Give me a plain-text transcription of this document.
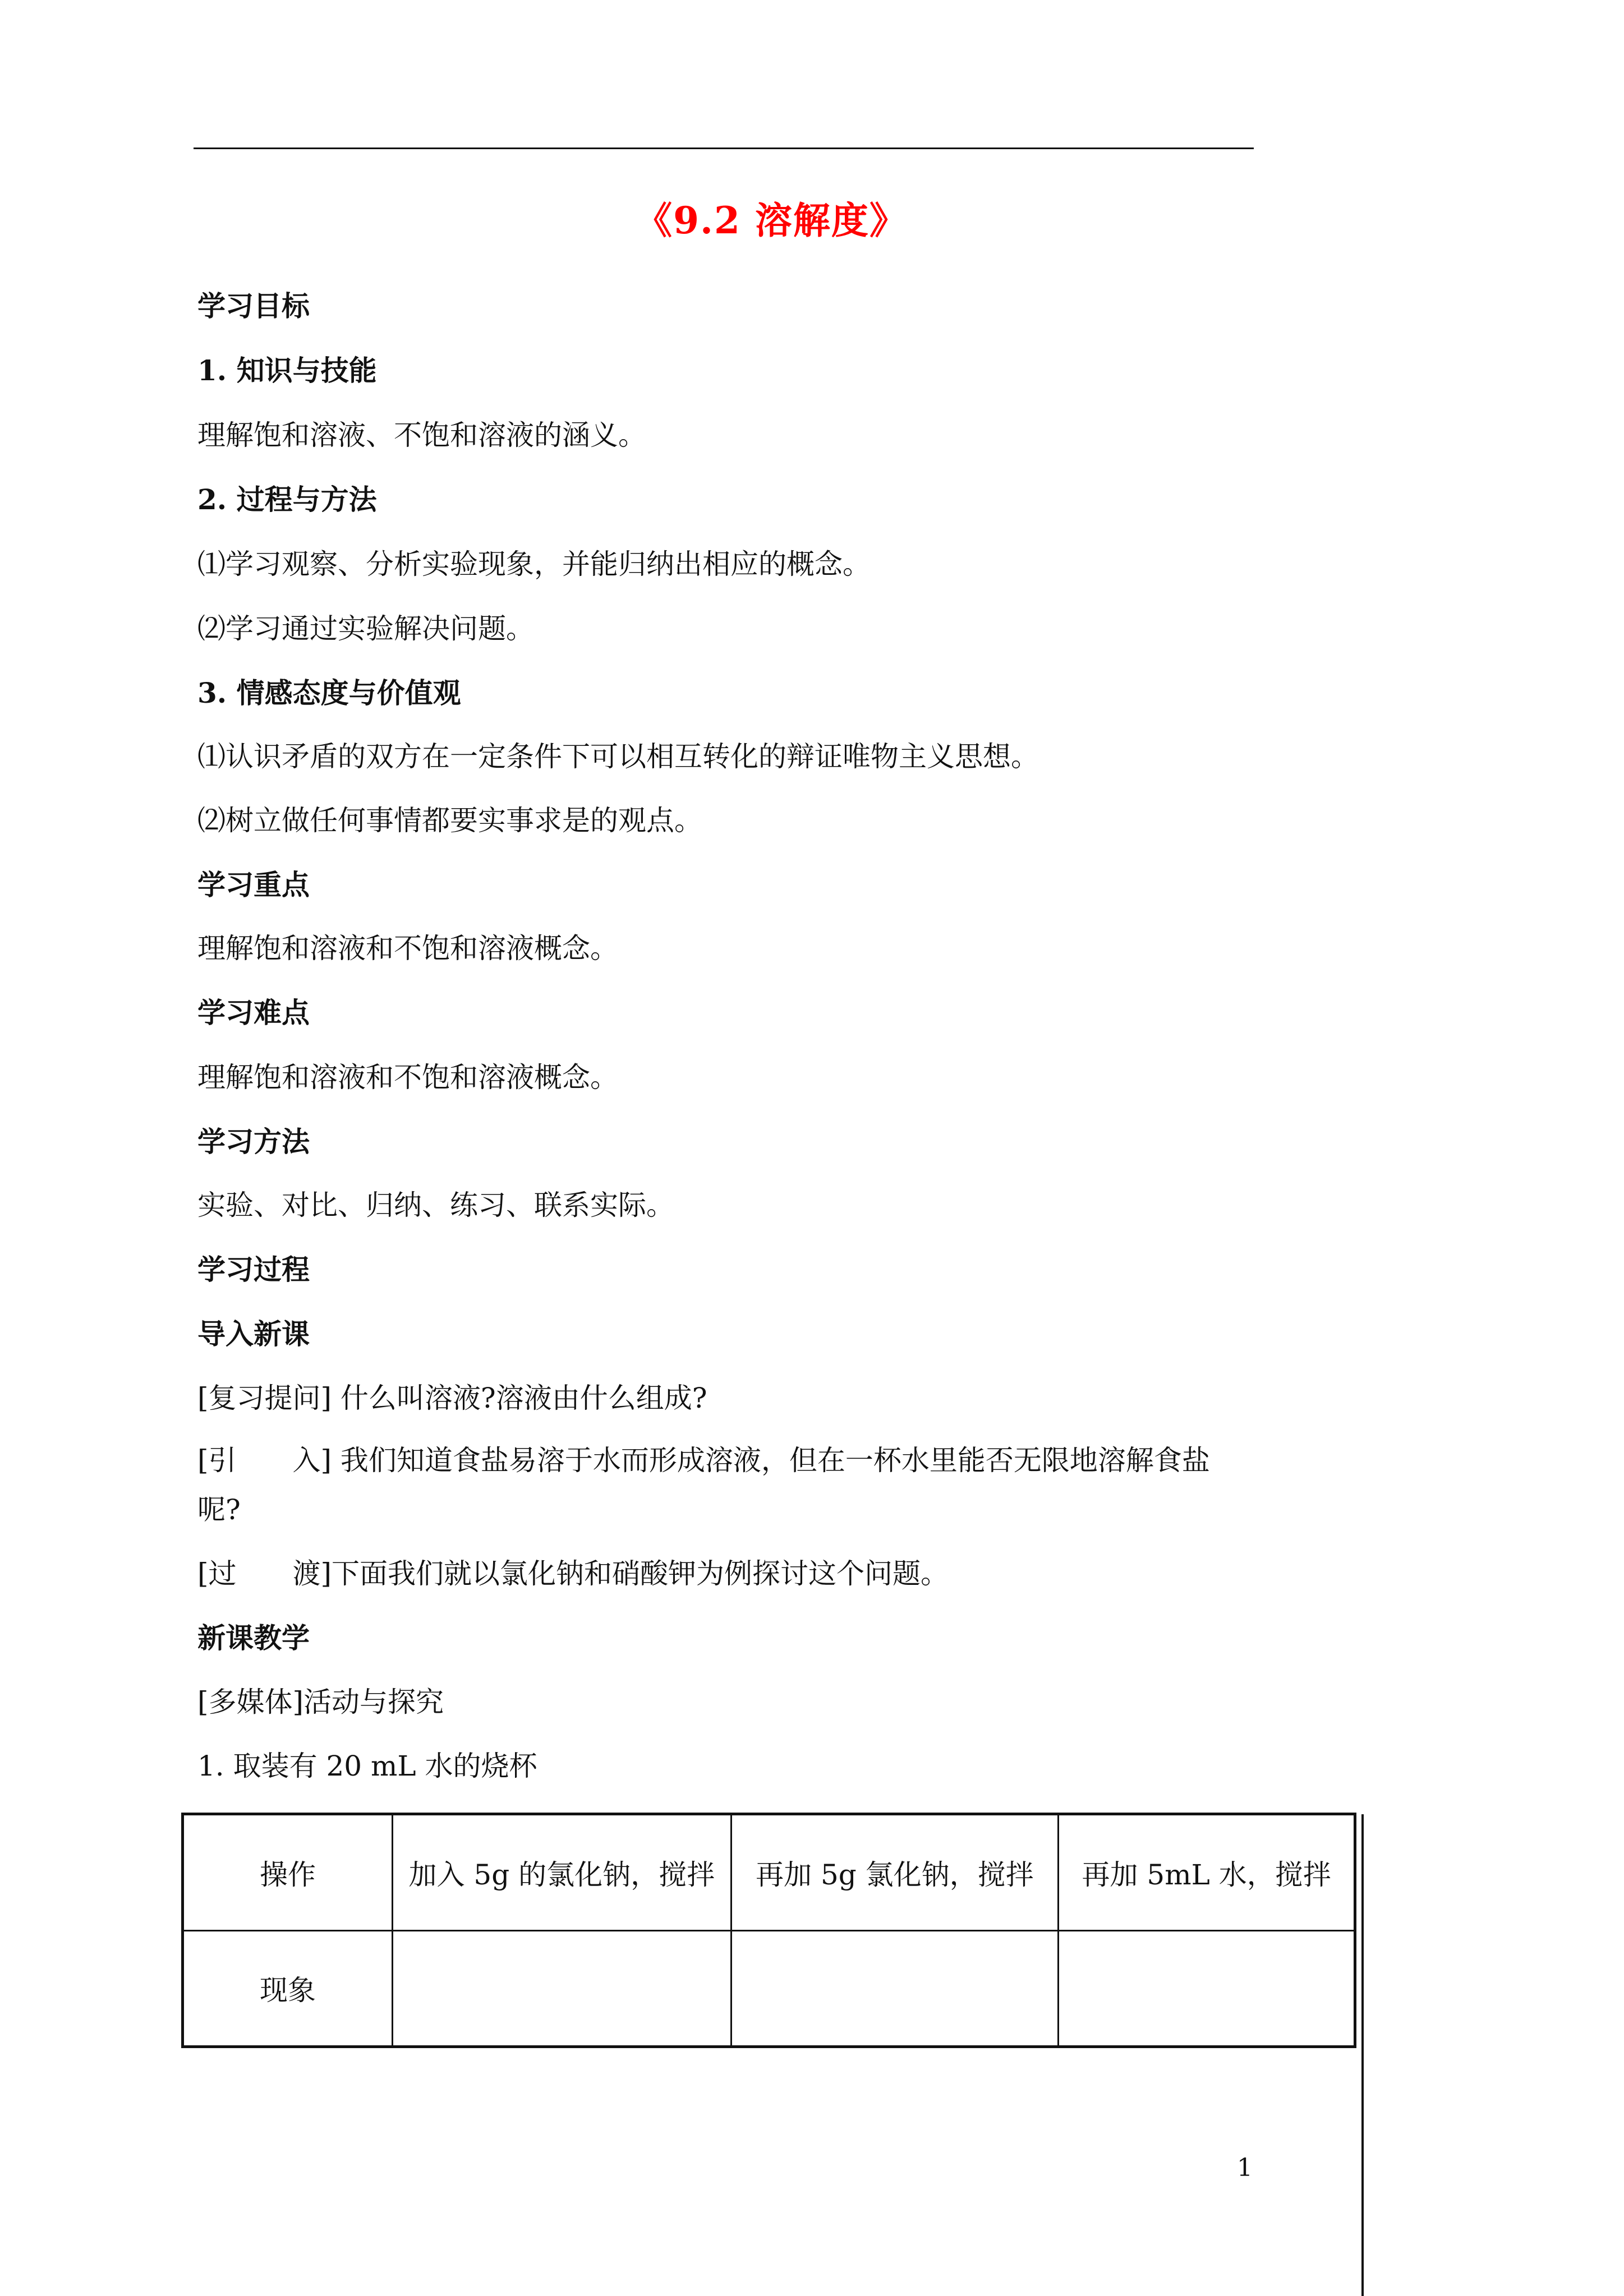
《9.2 溶解度》
学习目标
1. 知识与技能
理解饱和溶液、不饱和溶液的涵义。
2. 过程与方法
⑴学习观察、分析实验现象，并能归纳出相应的概念。
⑵学习通过实验解决问题。
3. 情感态度与价值观
⑴认识矛盾的双方在一定条件下可以相互转化的辩证唯物主义思想。
⑵树立做任何事情都要实事求是的观点。
学习重点
理解饱和溶液和不饱和溶液概念。
学习难点
理解饱和溶液和不饱和溶液概念。
学习方法
实验、对比、归纳、练习、联系实际。
学习过程
导入新课
[复习提问] 什么叫溶液?溶液由什么组成?
[引　　入] 我们知道食盐易溶于水而形成溶液，但在一杯水里能否无限地溶解食盐呢?
[过　　渡]下面我们就以氯化钠和硝酸钾为例探讨这个问题。
新课教学
[多媒体]活动与探究
1. 取装有 20 mL 水的烧杯
操作	加入 5g 的氯化钠，搅拌	再加 5g 氯化钠，搅拌	再加 5mL 水，搅拌
现象			
1
